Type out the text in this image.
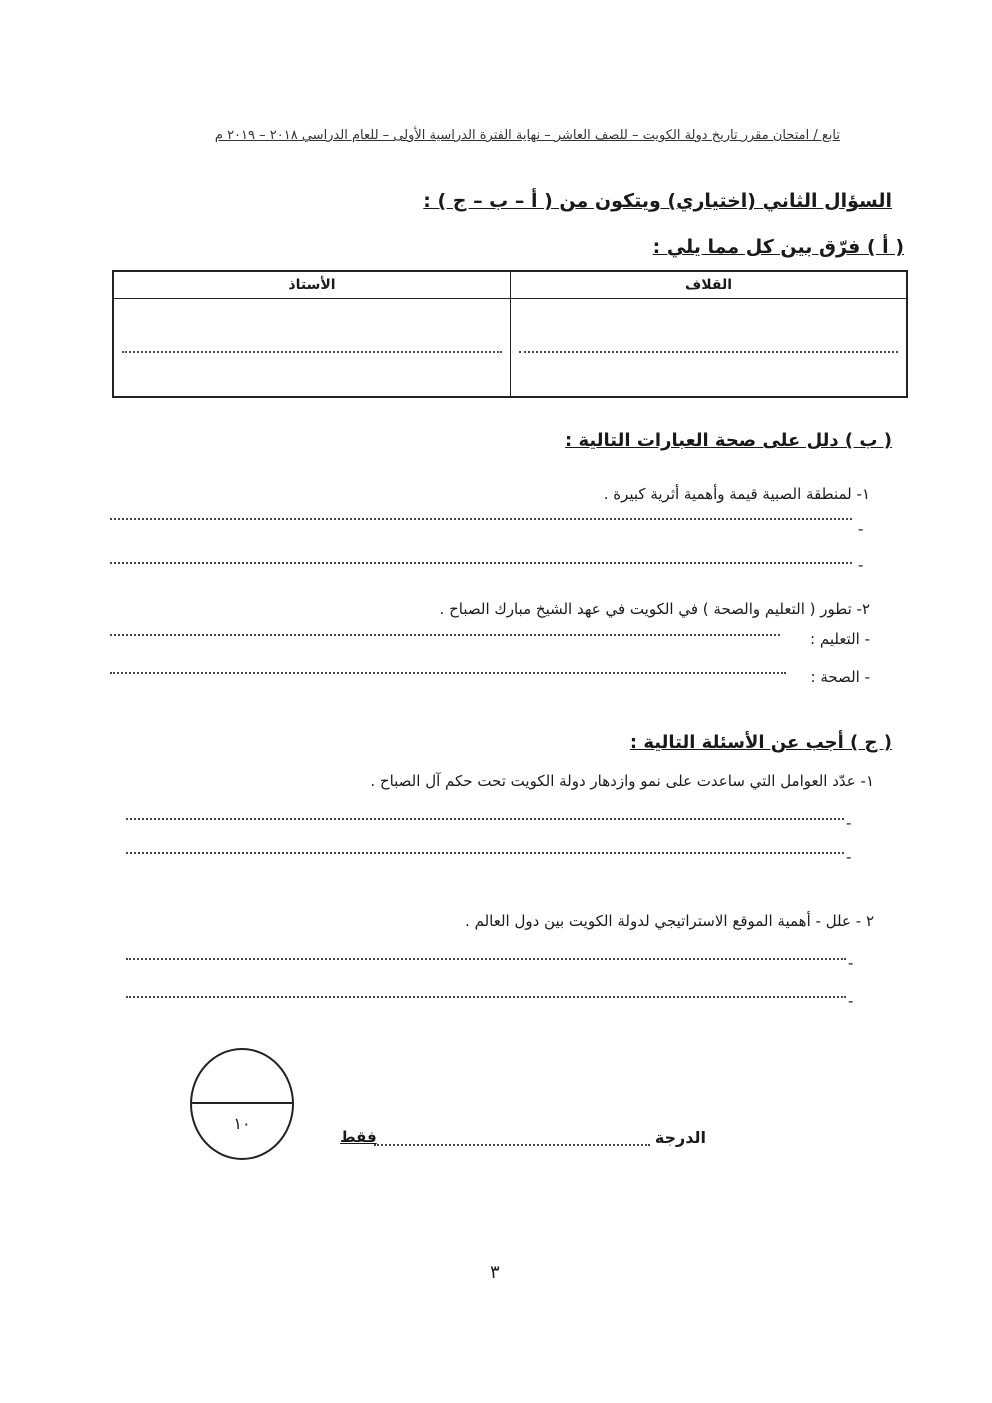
تابع / امتحان مقرر تاريخ دولة الكويت – للصف العاشر – نهاية الفترة الدراسية الأولى – للعام الدراسي ٢٠١٨ – ٢٠١٩ م
السؤال الثاني (اختياري) ويتكون من ( أ – ب – ج ) :
( أ ) فرّق بين كل مما يلي :
القلاف	الأستاذ

( ب ) دلل على صحة العبارات التالية :
١- لمنطقة الصبية قيمة وأهمية أثرية كبيرة .
-
-
٢- تطور ( التعليم والصحة ) في الكويت في عهد الشيخ مبارك الصباح .
- التعليم :
- الصحة :
( ج ) أجب عن الأسئلة التالية :
١- عدّد العوامل التي ساعدت على نمو وازدهار دولة الكويت تحت حكم آل الصباح .
-
-
٢ - علل - أهمية الموقع الاستراتيجي لدولة الكويت بين دول العالم .
-
-
١٠
الدرجة
فقط
٣
